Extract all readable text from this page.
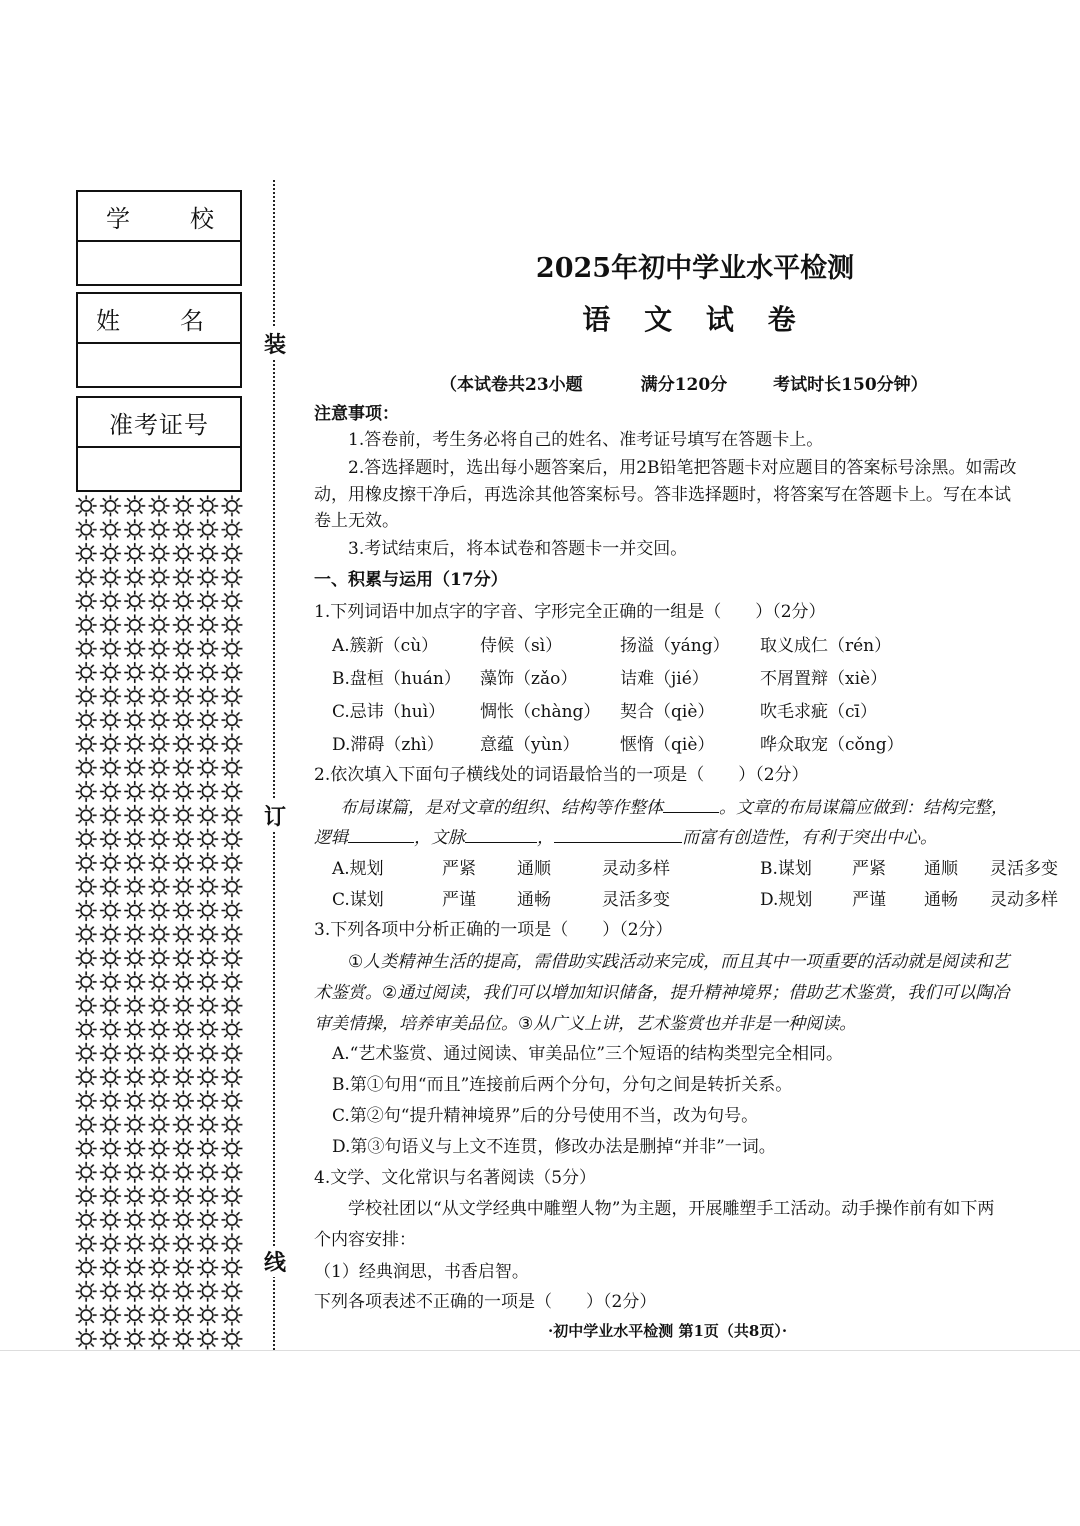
学　校
姓　名
准考证号
装
订
线
2025年初中学业水平检测
语 文 试 卷
（本试卷共23小题	满分120分	考试时长150分钟）
注意事项：
1.答卷前，考生务必将自己的姓名、准考证号填写在答题卡上。
2.答选择题时，选出每小题答案后，用2B铅笔把答题卡对应题目的答案标号涂黑。如需改
动，用橡皮擦干净后，再选涂其他答案标号。答非选择题时，将答案写在答题卡上。写在本试
卷上无效。
3.考试结束后，将本试卷和答题卡一并交回。
一、积累与运用（17分）
1.下列词语中加点字的字音、字形完全正确的一组是（　　）（2分）
A.簇新（cù） 侍候（sì）	扬溢（yáng） 取义成仁（rén）
B.盘桓（huán） 藻饰（zǎo）	诘难（jié）	不屑置辩（xiè）
C.忌讳（huì） 惆怅（chàng） 契合（qiè）	吹毛求疵（cī）
D.滞碍（zhì） 意蕴（yùn） 惬惰（qiè）	哗众取宠（cǒng）
2.依次填入下面句子横线处的词语最恰当的一项是（　　）（2分）
布局谋篇，是对文章的组织、结构等作整体	。文章的布局谋篇应做到：结构完整，
逻辑	，文脉	，	而富有创造性，有利于突出中心。
A.规划	严紧 通顺	灵动多样	B.谋划 严紧 通顺 灵活多变
C.谋划	严谨 通畅	灵活多变	D.规划 严谨 通畅 灵动多样
3.下列各项中分析正确的一项是（　　）（2分）
①人类精神生活的提高，需借助实践活动来完成，而且其中一项重要的活动就是阅读和艺
术鉴赏。②通过阅读，我们可以增加知识储备，提升精神境界；借助艺术鉴赏，我们可以陶冶
审美情操，培养审美品位。③从广义上讲，艺术鉴赏也并非是一种阅读。
A.“艺术鉴赏、通过阅读、审美品位”三个短语的结构类型完全相同。
B.第①句用“而且”连接前后两个分句，分句之间是转折关系。
C.第②句“提升精神境界”后的分号使用不当，改为句号。
D.第③句语义与上文不连贯，修改办法是删掉“并非”一词。
4.文学、文化常识与名著阅读（5分）
学校社团以“从文学经典中雕塑人物”为主题，开展雕塑手工活动。动手操作前有如下两
个内容安排：
（1）经典润思，书香启智。
下列各项表述不正确的一项是（　　）（2分）
·初中学业水平检测 第1页（共8页）·
